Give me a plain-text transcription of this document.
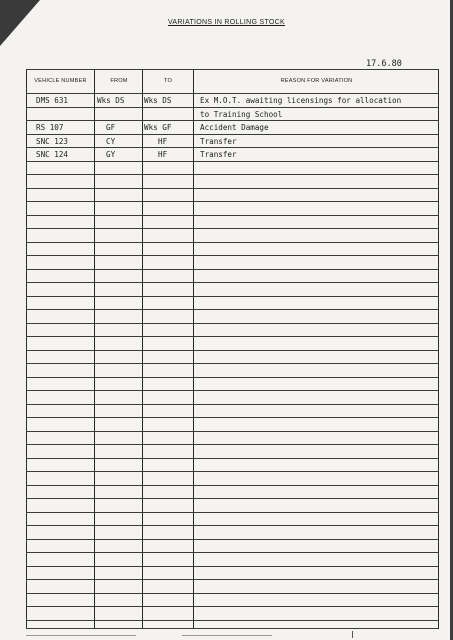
VARIATIONS IN ROLLING STOCK
17.6.80
VEHICLE NUMBER	FROM	TO	REASON FOR VARIATION
DMS 631	Wks DS	Wks DS	Ex M.O.T. awaiting licensings for allocation
to Training School
RS 107	GF	Wks GF	Accident Damage
SNC 123	CY	HF	Transfer
SNC 124	GY	HF	Transfer
